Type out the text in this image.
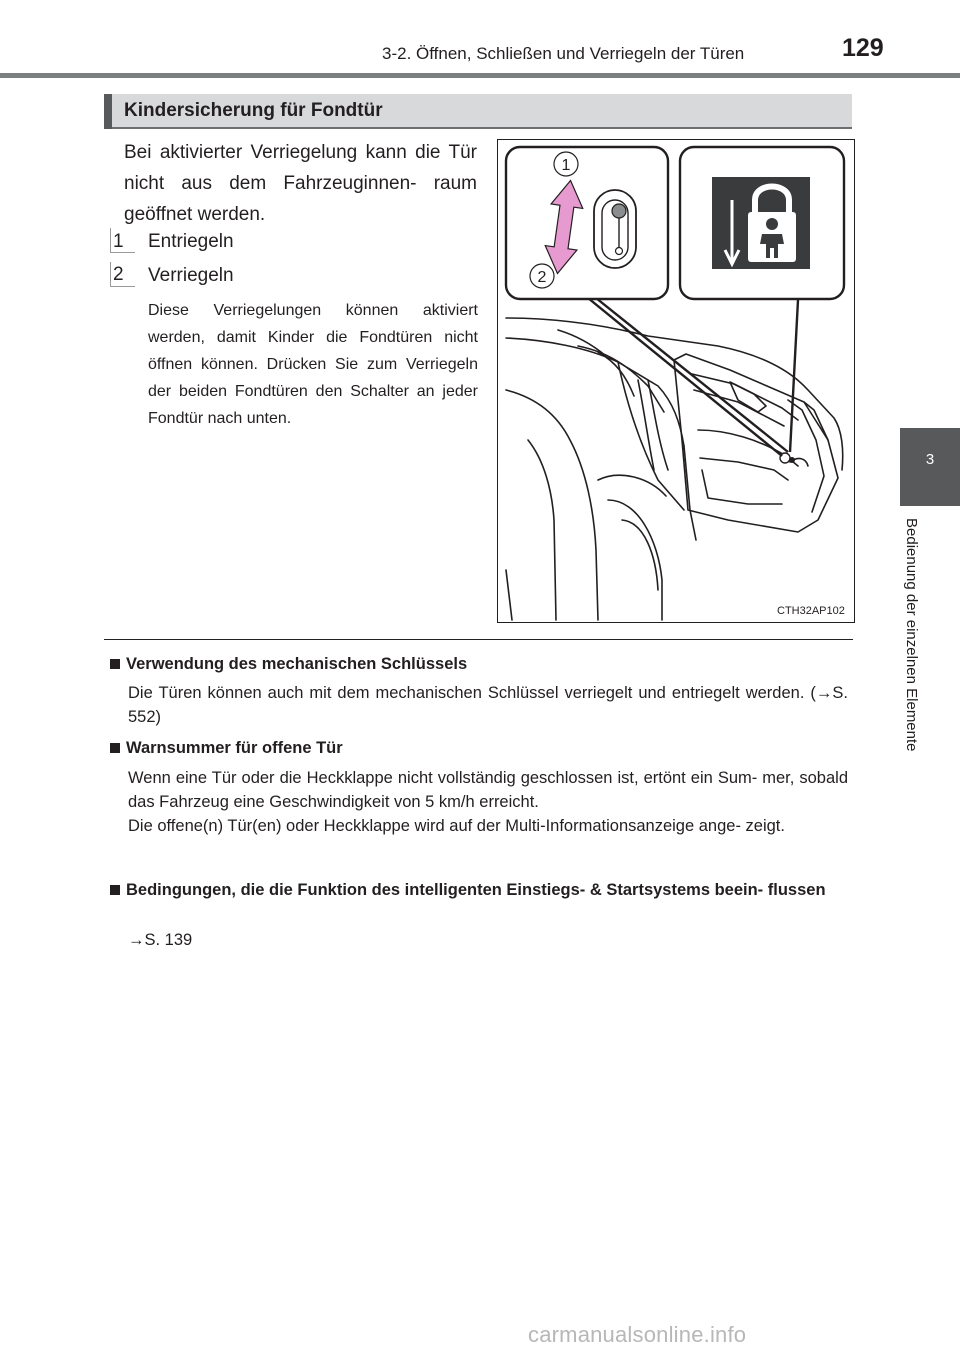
3-2. Öffnen, Schließen und Verriegeln der Türen	129
3
Bedienung der einzelnen Elemente
Kindersicherung für Fondtür
Bei aktivierter Verriegelung kann die Tür nicht aus dem Fahrzeuginnen- raum geöffnet werden.
1 Entriegeln
2 Verriegeln
Diese Verriegelungen können aktiviert werden, damit Kinder die Fondtüren nicht öffnen können. Drücken Sie zum Verriegeln der beiden Fondtüren den Schalter an jeder Fondtür nach unten.
1
2
CTH32AP102
Verwendung des mechanischen Schlüssels
Die Türen können auch mit dem mechanischen Schlüssel verriegelt und entriegelt werden. (→S. 552)
Warnsummer für offene Tür
Wenn eine Tür oder die Heckklappe nicht vollständig geschlossen ist, ertönt ein Sum- mer, sobald das Fahrzeug eine Geschwindigkeit von 5 km/h erreicht.
Die offene(n) Tür(en) oder Heckklappe wird auf der Multi-Informationsanzeige ange- zeigt.
Bedingungen, die die Funktion des intelligenten Einstiegs- & Startsystems beein- flussen
→S. 139
carmanualsonline.info
